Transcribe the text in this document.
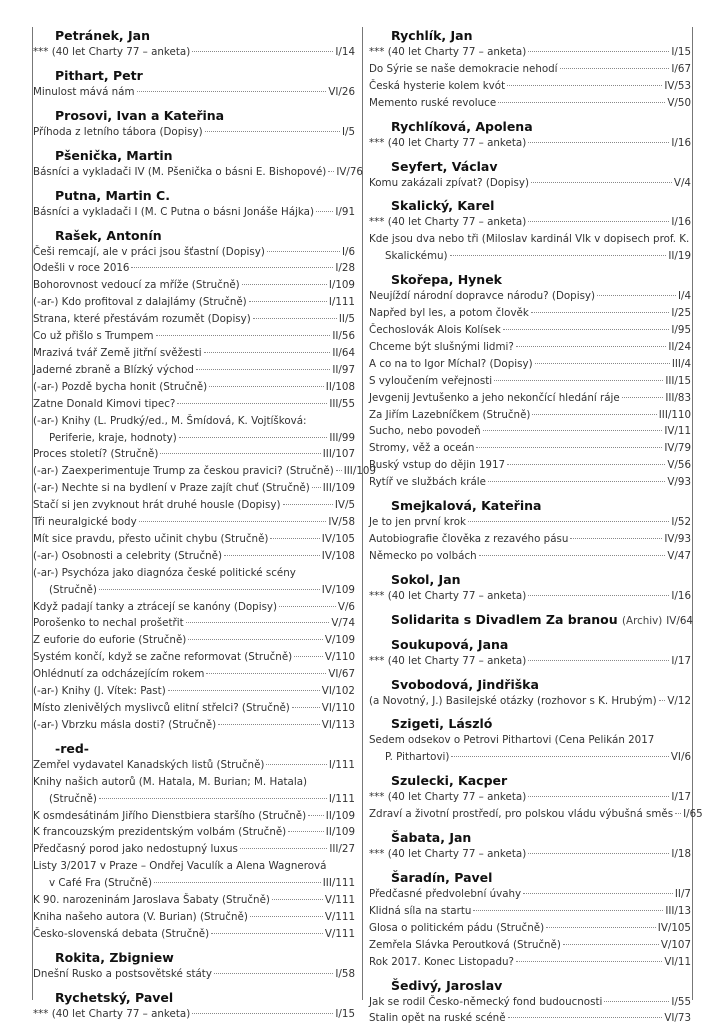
Petránek, Jan
*** (40 let Charty 77 – anketa)	I/14
Pithart, Petr
Minulost mává nám	VI/26
Prosovi, Ivan a Kateřina
Příhoda z letního tábora (Dopisy)	I/5
Pšenička, Martin
Básníci a vykladači IV (M. Pšenička o básni E. Bishopové) IV/76
Putna, Martin C.
Básníci a vykladači I (M. C Putna o básni Jonáše Hájka) I/91
Rašek, Antonín
Češi remcají, ale v práci jsou šťastní (Dopisy)	I/6
Odešli v roce 2016	I/28
Bohorovnost vedoucí za mříže (Stručně)	I/109
(-ar-) Kdo profitoval z dalajlámy (Stručně)	I/111
Strana, které přestávám rozumět (Dopisy)	II/5
Co už přišlo s Trumpem	II/56
Mrazivá tvář Země jitřní svěžesti	II/64
Jaderné zbraně a Blízký východ	II/97
(-ar-) Pozdě bycha honit (Stručně)	II/108
Zatne Donald Kimovi tipec?	III/55
(-ar-) Knihy (L. Prudký/ed., M. Šmídová, K. Vojtíšková:
Periferie, kraje, hodnoty)	III/99
Proces století? (Stručně)	III/107
(-ar-) Zaexperimentuje Trump za českou pravici? (Stručně) III/109
(-ar-) Nechte si na bydlení v Praze zajít chuť (Stručně) III/109
Stačí si jen zvyknout hrát druhé housle (Dopisy)	IV/5
Tři neuralgické body	IV/58
Mít sice pravdu, přesto učinit chybu (Stručně)	IV/105
(-ar-) Osobnosti a celebrity (Stručně)	IV/108
(-ar-) Psychóza jako diagnóza české politické scény
(Stručně)	IV/109
Když padají tanky a ztrácejí se kanóny (Dopisy)	V/6
Porošenko to nechal prošetřit	V/74
Z euforie do euforie (Stručně)	V/109
Systém končí, když se začne reformovat (Stručně)	V/110
Ohlédnutí za odcházejícím rokem	VI/67
(-ar-) Knihy (J. Vítek: Past)	VI/102
Místo zlenivělých myslivců elitní střelci? (Stručně)	VI/110
(-ar-) Vbrzku másla dosti? (Stručně)	VI/113
-red-
Zemřel vydavatel Kanadských listů (Stručně)	I/111
Knihy našich autorů (M. Hatala, M. Burian; M. Hatala)
(Stručně)	I/111
K osmdesátinám Jiřího Dienstbiera staršího (Stručně) II/109
K francouzským prezidentským volbám (Stručně)	II/109
Předčasný porod jako nedostupný luxus	III/27
Listy 3/2017 v Praze – Ondřej Vaculík a Alena Wagnerová
v Café Fra (Stručně)	III/111
K 90. narozeninám Jaroslava Šabaty (Stručně)	V/111
Kniha našeho autora (V. Burian) (Stručně)	V/111
Česko-slovenská debata (Stručně)	V/111
Rokita, Zbigniew
Dnešní Rusko a postsovětské státy	I/58
Rychetský, Pavel
*** (40 let Charty 77 – anketa)	I/15
Rychlík, Jan
*** (40 let Charty 77 – anketa)	I/15
Do Sýrie se naše demokracie nehodí	I/67
Česká hysterie kolem kvót	IV/53
Memento ruské revoluce	V/50
Rychlíková, Apolena
*** (40 let Charty 77 – anketa)	I/16
Seyfert, Václav
Komu zakázali zpívat? (Dopisy)	V/4
Skalický, Karel
*** (40 let Charty 77 – anketa)	I/16
Kde jsou dva nebo tři (Miloslav kardinál Vlk v dopisech prof. K.
Skalickému)	II/19
Skořepa, Hynek
Neujíždí národní dopravce národu? (Dopisy)	I/4
Napřed byl les, a potom člověk	I/25
Čechoslovák Alois Kolísek	I/95
Chceme být slušnými lidmi?	II/24
A co na to Igor Míchal? (Dopisy)	III/4
S vyloučením veřejnosti	III/15
Jevgenij Jevtušenko a jeho nekončící hledání ráje	III/83
Za Jiřím Lazebníčkem (Stručně)	III/110
Sucho, nebo povodeň	IV/11
Stromy, věž a oceán	IV/79
Ruský vstup do dějin 1917	V/56
Rytíř ve službách krále	V/93
Smejkalová, Kateřina
Je to jen první krok	I/52
Autobiografie člověka z rezavého pásu	IV/93
Německo po volbách	V/47
Sokol, Jan
*** (40 let Charty 77 – anketa)	I/16
Solidarita s Divadlem Za branou
(Archiv) IV/64
Soukupová, Jana
*** (40 let Charty 77 – anketa)	I/17
Svobodová, Jindřiška
(a Novotný, J.) Basilejské otázky (rozhovor s K. Hrubým) V/12
Szigeti, László
Sedem odsekov o Petrovi Pithartovi (Cena Pelikán 2017
P. Pithartovi)	VI/6
Szulecki, Kacper
*** (40 let Charty 77 – anketa)	I/17
Zdraví a životní prostředí, pro polskou vládu výbušná směs I/65
Šabata, Jan
*** (40 let Charty 77 – anketa)	I/18
Šaradín, Pavel
Předčasné předvolební úvahy	II/7
Klidná síla na startu	III/13
Glosa o politickém pádu (Stručně)	IV/105
Zemřela Slávka Peroutková (Stručně)	V/107
Rok 2017. Konec Listopadu?	VI/11
Šedivý, Jaroslav
Jak se rodil Česko-německý fond budoucnosti	I/55
Stalin opět na ruské scéně	VI/73
